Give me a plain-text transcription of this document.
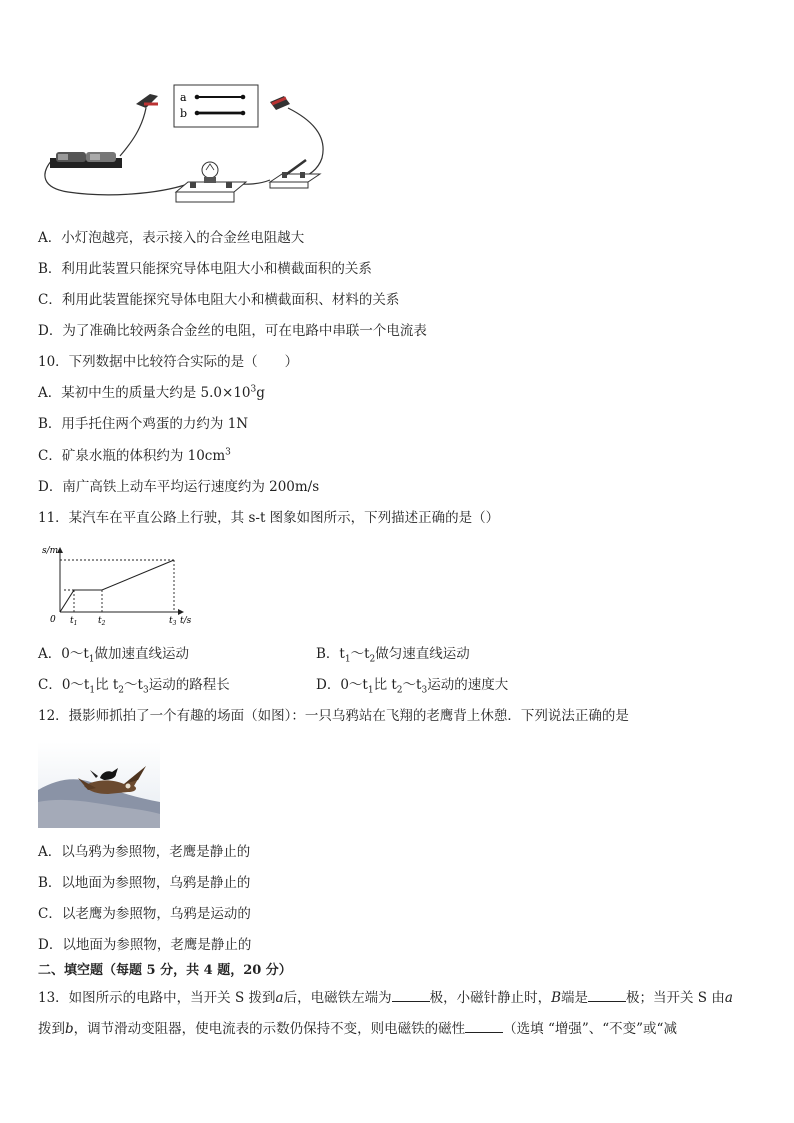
a
b
A．小灯泡越亮，表示接入的合金丝电阻越大
B．利用此装置只能探究导体电阻大小和横截面积的关系
C．利用此装置能探究导体电阻大小和横截面积、材料的关系
D．为了准确比较两条合金丝的电阻，可在电路中串联一个电流表
10．下列数据中比较符合实际的是（　　）
A．某初中生的质量大约是 $5.0\times 10^3g$
B．用手托住两个鸡蛋的力约为 1N
C．矿泉水瓶的体积约为 $10cm^3$
D．南广高铁上动车平均运行速度约为 200m/s
11．某汽车在平直公路上行驶，其 s-t 图象如图所示，下列描述正确的是（）
s/m
0 $t_1$ $t_2$	$t_3$ t/s
A．$0\sim t_1$做加速直线运动	B．$t_1\sim t_2$做匀速直线运动
C．$0\sim t_1$比 $t_2\sim t_3$运动的路程长	D．$0\sim t_1$比 $t_2\sim t_3$运动的速度大
12．摄影师抓拍了一个有趣的场面（如图）：一只乌鸦站在飞翔的老鹰背上休憩．下列说法正确的是
A．以乌鸦为参照物，老鹰是静止的
B．以地面为参照物，乌鸦是静止的
C．以老鹰为参照物，乌鸦是运动的
D．以地面为参照物，老鹰是静止的
二、填空题（每题 5 分，共 4 题，20 分）
13．如图所示的电路中，当开关 S 拨到a后，电磁铁左端为	极，小磁针静止时，B端是	极；当开关 S 由a
拨到b，调节滑动变阻器，使电流表的示数仍保持不变，则电磁铁的磁性	（选填 “增强”、“不变”或“减
